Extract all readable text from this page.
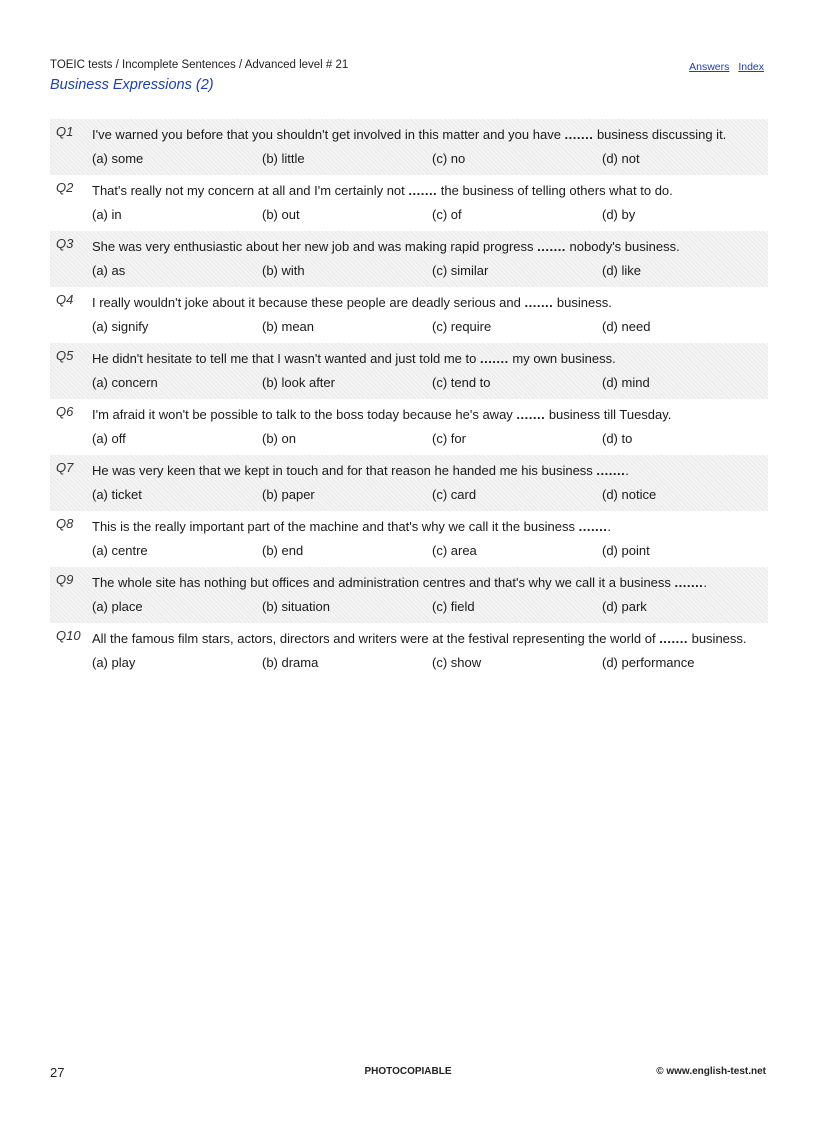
TOEIC tests / Incomplete Sentences / Advanced level # 21	Answers Index
Business Expressions (2)
Q1 I've warned you before that you shouldn't get involved in this matter and you have ....... business discussing it.
(a) some	(b) little	(c) no	(d) not
Q2 That's really not my concern at all and I'm certainly not ....... the business of telling others what to do.
(a) in	(b) out	(c) of	(d) by
Q3 She was very enthusiastic about her new job and was making rapid progress ....... nobody's business.
(a) as	(b) with	(c) similar	(d) like
Q4 I really wouldn't joke about it because these people are deadly serious and ....... business.
(a) signify	(b) mean	(c) require	(d) need
Q5 He didn't hesitate to tell me that I wasn't wanted and just told me to ....... my own business.
(a) concern	(b) look after	(c) tend to	(d) mind
Q6 I'm afraid it won't be possible to talk to the boss today because he's away ....... business till Tuesday.
(a) off	(b) on	(c) for	(d) to
Q7 He was very keen that we kept in touch and for that reason he handed me his business ........
(a) ticket	(b) paper	(c) card	(d) notice
Q8 This is the really important part of the machine and that's why we call it the business ........
(a) centre	(b) end	(c) area	(d) point
Q9 The whole site has nothing but offices and administration centres and that's why we call it a business ........
(a) place	(b) situation	(c) field	(d) park
Q10 All the famous film stars, actors, directors and writers were at the festival representing the world of ....... business.
(a) play	(b) drama	(c) show	(d) performance
27	PHOTOCOPIABLE	© www.english-test.net
